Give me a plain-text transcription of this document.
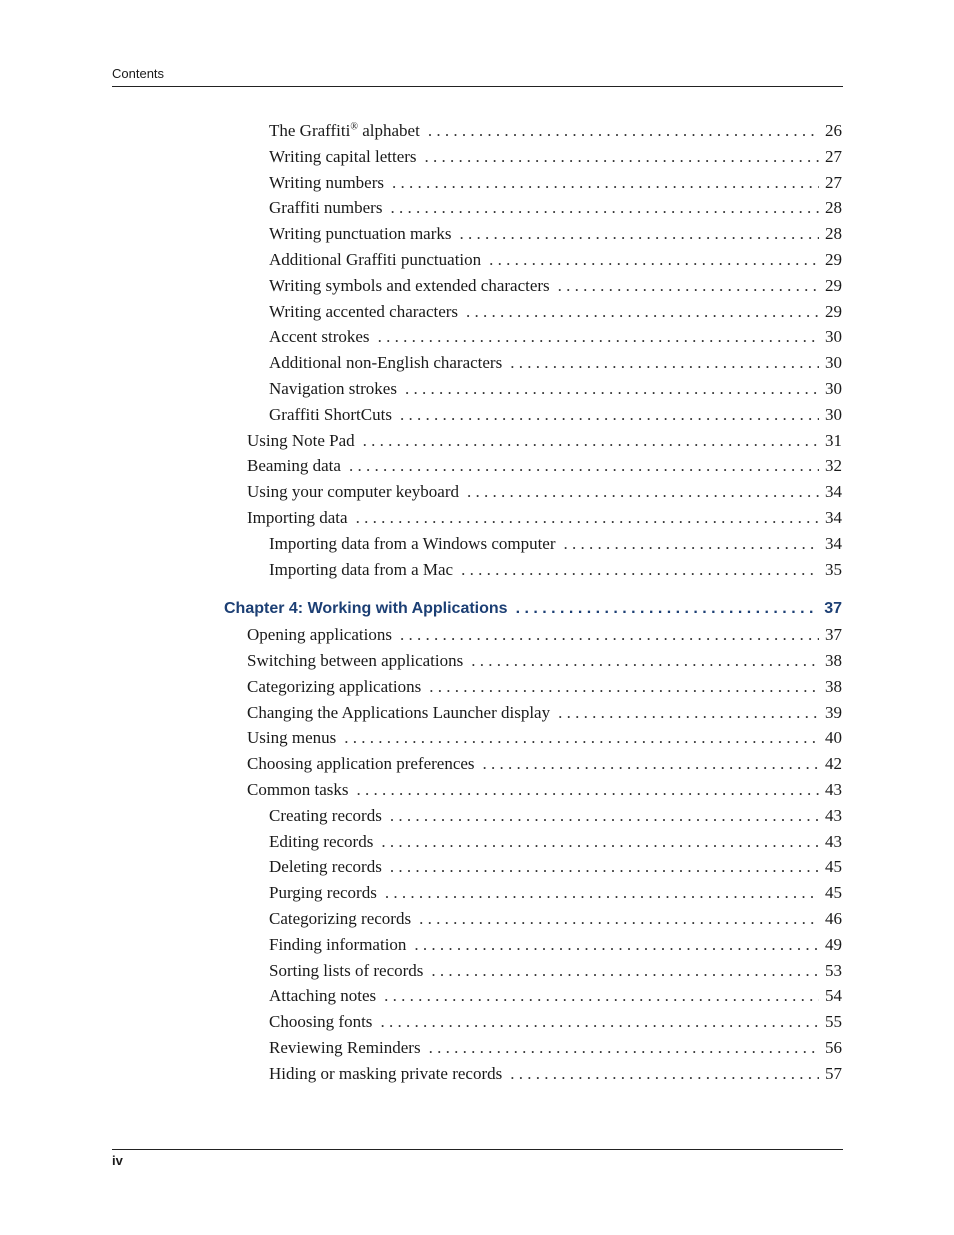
Contents
The Graffiti® alphabet . . .	26
Writing capital letters . . .	27
Writing numbers . . .	27
Graffiti numbers . . .	28
Writing punctuation marks . . .	28
Additional Graffiti punctuation . . .	29
Writing symbols and extended characters . . .	29
Writing accented characters . . .	29
Accent strokes . . .	30
Additional non-English characters . . .	30
Navigation strokes . . .	30
Graffiti ShortCuts . . .	30
Using Note Pad . . .	31
Beaming data . . .	32
Using your computer keyboard . . .	34
Importing data . . .	34
Importing data from a Windows computer . . .	34
Importing data from a Mac . . .	35
Chapter 4: Working with Applications . . .	37
Opening applications . . .	37
Switching between applications . . .	38
Categorizing applications . . .	38
Changing the Applications Launcher display . . .	39
Using menus . . .	40
Choosing application preferences . . .	42
Common tasks . . .	43
Creating records . . .	43
Editing records . . .	43
Deleting records . . .	45
Purging records . . .	45
Categorizing records . . .	46
Finding information . . .	49
Sorting lists of records . . .	53
Attaching notes . . .	54
Choosing fonts . . .	55
Reviewing Reminders . . .	56
Hiding or masking private records . . .	57
iv
